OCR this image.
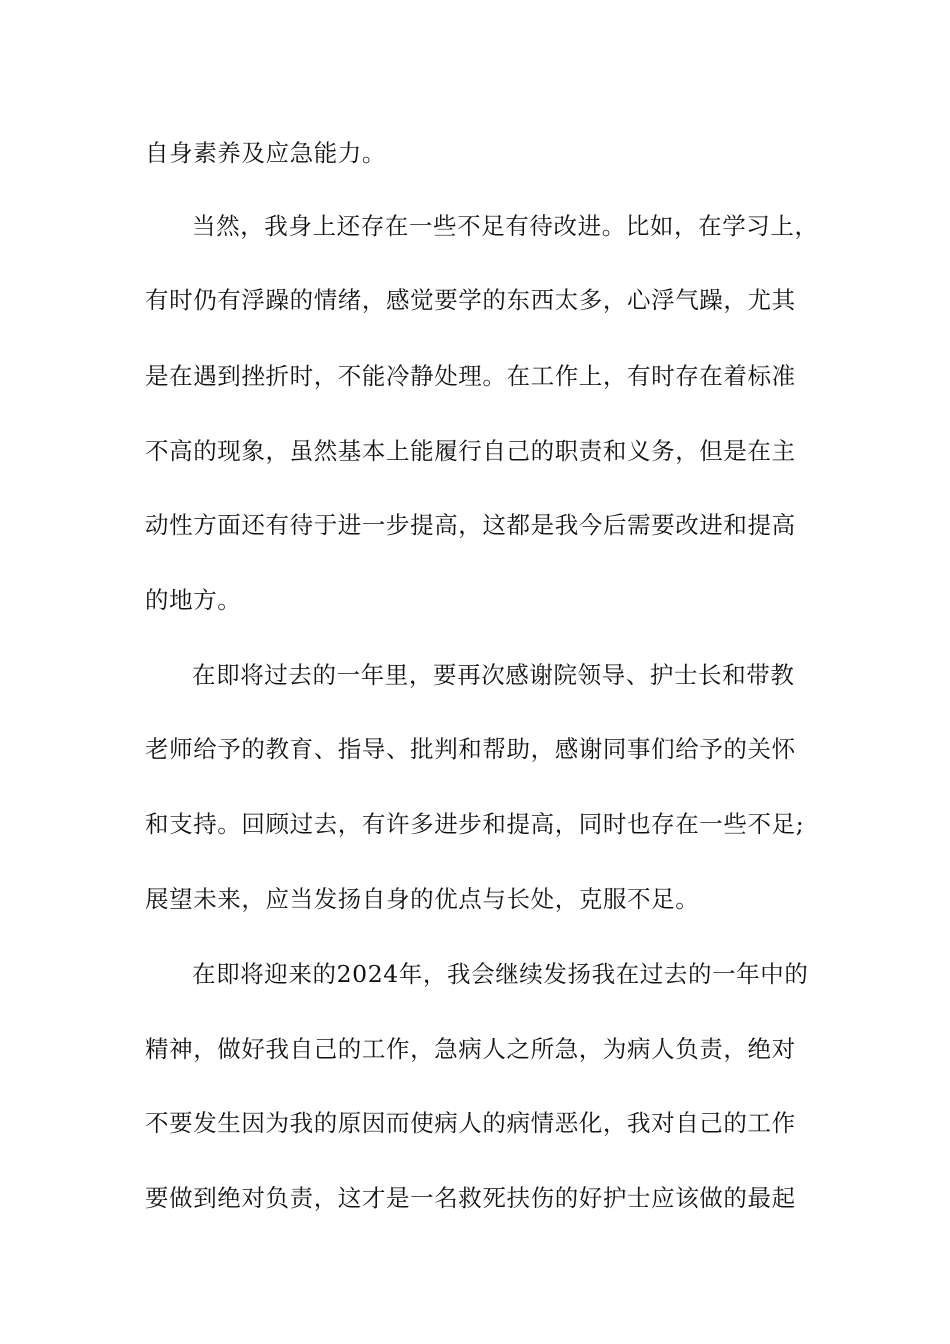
自身素养及应急能力。
当然，我身上还存在一些不足有待改进。比如，在学习上，
有时仍有浮躁的情绪，感觉要学的东西太多，心浮气躁，尤其
是在遇到挫折时，不能冷静处理。在工作上，有时存在着标准
不高的现象，虽然基本上能履行自己的职责和义务，但是在主
动性方面还有待于进一步提高，这都是我今后需要改进和提高
的地方。
在即将过去的一年里，要再次感谢院领导、护士长和带教
老师给予的教育、指导、批判和帮助，感谢同事们给予的关怀
和支持。回顾过去，有许多进步和提高，同时也存在一些不足;
展望未来，应当发扬自身的优点与长处，克服不足。
在即将迎来的2024年，我会继续发扬我在过去的一年中的
精神，做好我自己的工作，急病人之所急，为病人负责，绝对
不要发生因为我的原因而使病人的病情恶化，我对自己的工作
要做到绝对负责，这才是一名救死扶伤的好护士应该做的最起
